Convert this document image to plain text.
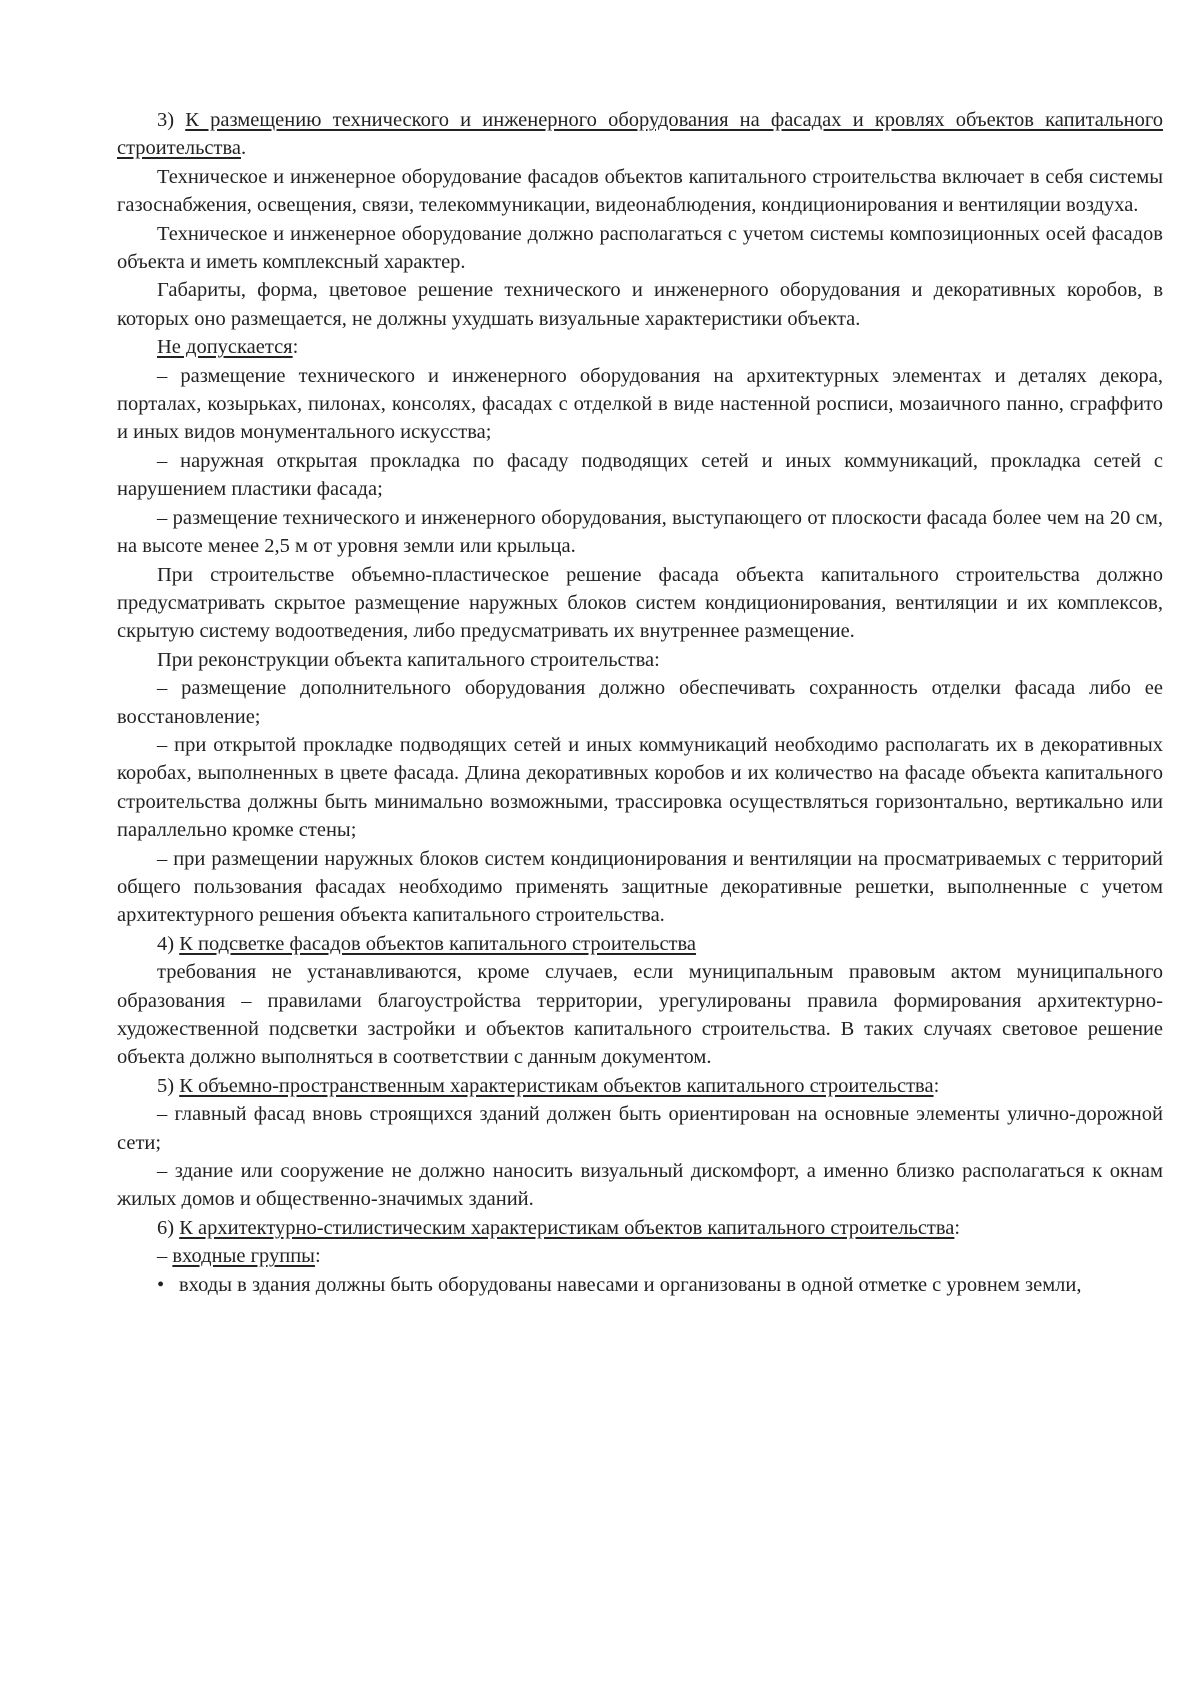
3) К размещению технического и инженерного оборудования на фасадах и кровлях объектов капитального строительства.

Техническое и инженерное оборудование фасадов объектов капитального строительства включает в себя системы газоснабжения, освещения, связи, телекоммуникации, видеонаблюдения, кондиционирования и вентиляции воздуха.

Техническое и инженерное оборудование должно располагаться с учетом системы композиционных осей фасадов объекта и иметь комплексный характер.

Габариты, форма, цветовое решение технического и инженерного оборудования и декоративных коробов, в которых оно размещается, не должны ухудшать визуальные характеристики объекта.

Не допускается:

– размещение технического и инженерного оборудования на архитектурных элементах и деталях декора, порталах, козырьках, пилонах, консолях, фасадах с отделкой в виде настенной росписи, мозаичного панно, сграффито и иных видов монументального искусства;

– наружная открытая прокладка по фасаду подводящих сетей и иных коммуникаций, прокладка сетей с нарушением пластики фасада;

– размещение технического и инженерного оборудования, выступающего от плоскости фасада более чем на 20 см, на высоте менее 2,5 м от уровня земли или крыльца.

При строительстве объемно-пластическое решение фасада объекта капитального строительства должно предусматривать скрытое размещение наружных блоков систем кондиционирования, вентиляции и их комплексов, скрытую систему водоотведения, либо предусматривать их внутреннее размещение.

При реконструкции объекта капитального строительства:

– размещение дополнительного оборудования должно обеспечивать сохранность отделки фасада либо ее восстановление;

– при открытой прокладке подводящих сетей и иных коммуникаций необходимо располагать их в декоративных коробах, выполненных в цвете фасада. Длина декоративных коробов и их количество на фасаде объекта капитального строительства должны быть минимально возможными, трассировка осуществляться горизонтально, вертикально или параллельно кромке стены;

– при размещении наружных блоков систем кондиционирования и вентиляции на просматриваемых с территорий общего пользования фасадах необходимо применять защитные декоративные решетки, выполненные с учетом архитектурного решения объекта капитального строительства.

4) К подсветке фасадов объектов капитального строительства

требования не устанавливаются, кроме случаев, если муниципальным правовым актом муниципального образования – правилами благоустройства территории, урегулированы правила формирования архитектурно-художественной подсветки застройки и объектов капитального строительства. В таких случаях световое решение объекта должно выполняться в соответствии с данным документом.

5) К объемно-пространственным характеристикам объектов капитального строительства:

– главный фасад вновь строящихся зданий должен быть ориентирован на основные элементы улично-дорожной сети;

– здание или сооружение не должно наносить визуальный дискомфорт, а именно близко располагаться к окнам жилых домов и общественно-значимых зданий.

6) К архитектурно-стилистическим характеристикам объектов капитального строительства:

– входные группы:

• входы в здания должны быть оборудованы навесами и организованы в одной отметке с уровнем земли,
